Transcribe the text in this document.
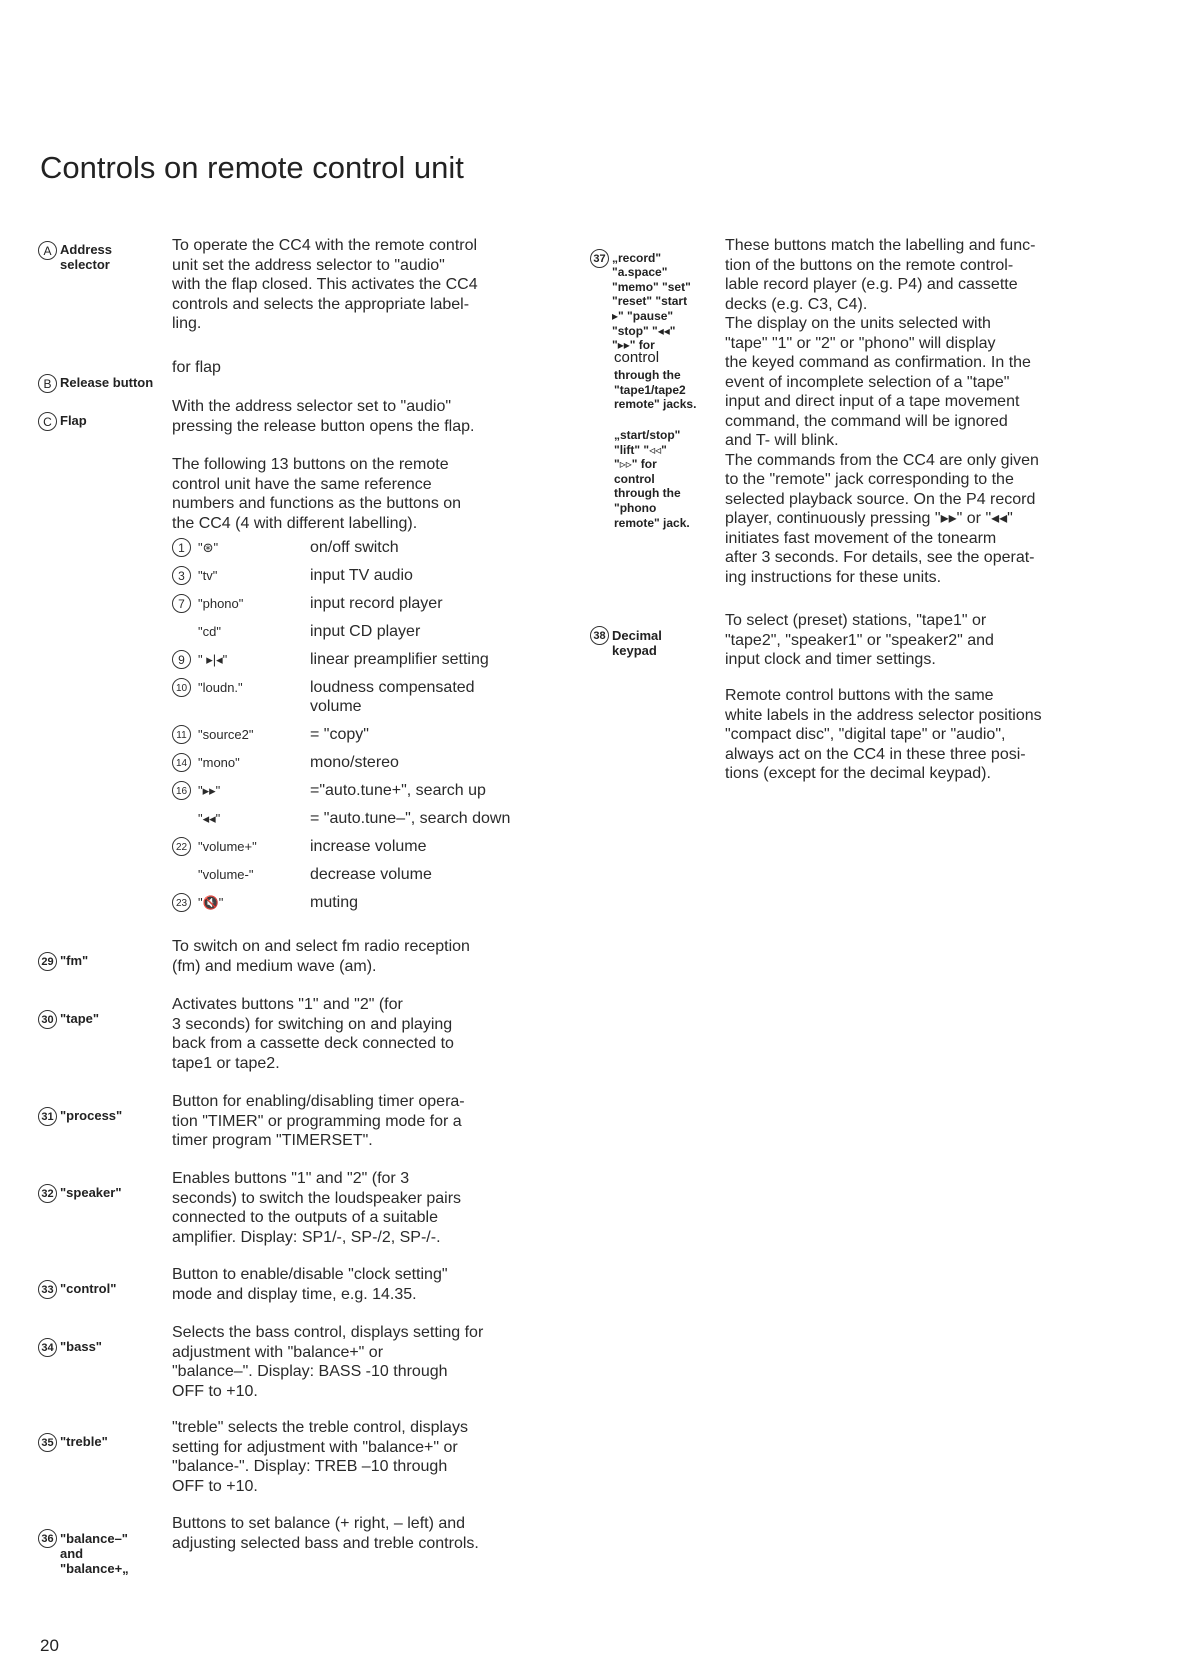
Controls on remote control unit

A Address
selector

To operate the CC4 with the remote control
unit set the address selector to "audio"
with the flap closed. This activates the CC4
controls and selects the appropriate label-
ling.

B Release button

for flap

C Flap

With the address selector set to "audio"
pressing the release button opens the flap.
The following 13 buttons on the remote
control unit have the same reference
numbers and functions as the buttons on
the CC4 (4 with different labelling).
1	"⊛"	on/off switch
3	"tv"	input TV audio
7	"phono"	input record player
"cd"	input CD player
9	" ▸|◂"	linear preamplifier setting
10 "loudn."	loudness compensated
volume
11 "source2"	= "copy"
14 "mono"	mono/stereo
16 "▸▸"	="auto.tune+", search up
"◂◂"	= "auto.tune–", search down
22 "volume+"	increase volume
"volume-"	decrease volume
23 "🔇"	muting

29 "fm"

To switch on and select fm radio reception
(fm) and medium wave (am).

30 "tape"

Activates buttons "1" and "2" (for
3 seconds) for switching on and playing
back from a cassette deck connected to
tape1 or tape2.

31 "process"

Button for enabling/disabling timer opera-
tion "TIMER" or programming mode for a
timer program "TIMERSET".

32 "speaker"

Enables buttons "1" and "2" (for 3
seconds) to switch the loudspeaker pairs
connected to the outputs of a suitable
amplifier. Display: SP1/-, SP-/2, SP-/-.

33 "control"

Button to enable/disable "clock setting"
mode and display time, e.g. 14.35.

34 "bass"

Selects the bass control, displays setting for
adjustment with "balance+" or
"balance–". Display: BASS -10 through
OFF to +10.

35 "treble"

"treble" selects the treble control, displays
setting for adjustment with "balance+" or
"balance-". Display: TREB –10 through
OFF to +10.

36 "balance–"
and
"balance+„

Buttons to set balance (+ right, – left) and
adjusting selected bass and treble controls.

37 „record"
"a.space"
"memo" "set"
"reset" "start
▸" "pause"
"stop" "◂◂"
"▸▸" for

control
through the
"tape1/tape2
remote" jacks.
„start/stop"
"lift" "◃◃"
"▹▹" for
control
through the
"phono
remote" jack.
These buttons match the labelling and func-
tion of the buttons on the remote control-
lable record player (e.g. P4) and cassette
decks (e.g. C3, C4).
The display on the units selected with
"tape" "1" or "2" or "phono" will display
the keyed command as confirmation. In the
event of incomplete selection of a "tape"
input and direct input of a tape movement
command, the command will be ignored
and T- will blink.
The commands from the CC4 are only given
to the "remote" jack corresponding to the
selected playback source. On the P4 record
player, continuously pressing "▸▸" or "◂◂"
initiates fast movement of the tonearm
after 3 seconds. For details, see the operat-
ing instructions for these units.

38 Decimal
keypad

To select (preset) stations, "tape1" or
"tape2", "speaker1" or "speaker2" and
input clock and timer settings.
Remote control buttons with the same
white labels in the address selector positions
"compact disc", "digital tape" or "audio",
always act on the CC4 in these three posi-
tions (except for the decimal keypad).
20
